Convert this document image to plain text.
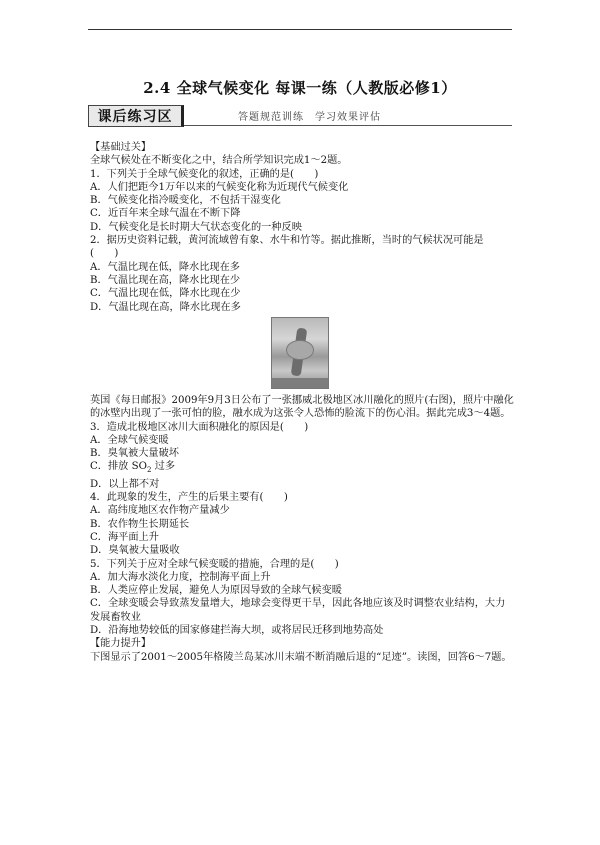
2.4 全球气候变化 每课一练（人教版必修1）
课后练习区	答题规范训练　学习效果评估

【基础过关】

全球气候处在不断变化之中，结合所学知识完成1～2题。

1．下列关于全球气候变化的叙述，正确的是(　　)

A．人们把距今1万年以来的气候变化称为近现代气候变化

B．气候变化指冷暖变化，不包括干湿变化

C．近百年来全球气温在不断下降

D．气候变化是长时期大气状态变化的一种反映

2．据历史资料记载，黄河流域曾有象、水牛和竹等。据此推断，当时的气候状况可能是

(　　)

A．气温比现在低，降水比现在多

B．气温比现在高，降水比现在少

C．气温比现在低，降水比现在少

D．气温比现在高，降水比现在多

英国《每日邮报》2009年9月3日公布了一张挪威北极地区冰川融化的照片(右图)，照片中融化的冰壁内出现了一张可怕的脸，融水成为这张令人恐怖的脸流下的伤心泪。据此完成3～4题。

3．造成北极地区冰川大面积融化的原因是(　　)

A．全球气候变暖

B．臭氧被大量破坏

C．排放 $SO_2$ 过多

D．以上都不对

4．此现象的发生，产生的后果主要有(　　)

A．高纬度地区农作物产量减少

B．农作物生长期延长

C．海平面上升

D．臭氧被大量吸收

5．下列关于应对全球气候变暖的措施，合理的是(　　)

A．加大海水淡化力度，控制海平面上升

B．人类应停止发展，避免人为原因导致的全球气候变暖

C．全球变暖会导致蒸发量增大，地球会变得更干旱，因此各地应该及时调整农业结构，大力发展畜牧业

D．沿海地势较低的国家修建拦海大坝，或将居民迁移到地势高处

【能力提升】

下图显示了2001～2005年格陵兰岛某冰川末端不断消融后退的“足迹”。读图，回答6～7题。
